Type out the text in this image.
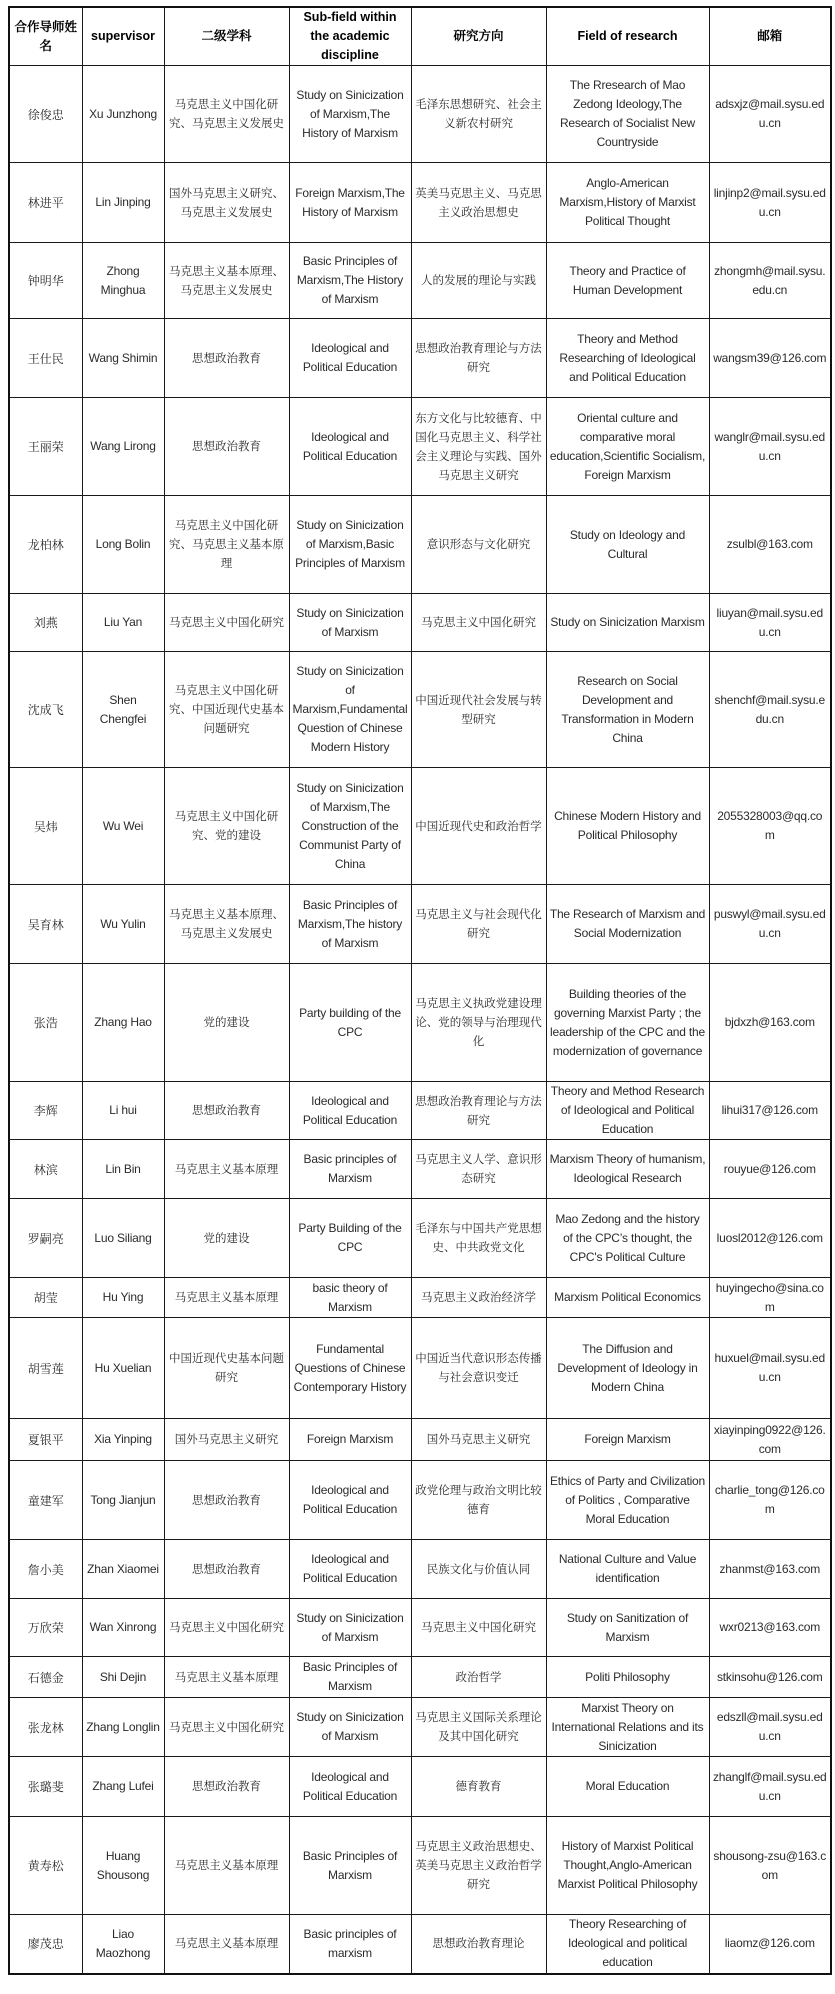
合作导师姓名	supervisor	二级学科	Sub-field within the academic discipline	研究方向	Field of research	邮箱
徐俊忠	Xu Junzhong	马克思主义中国化研究、马克思主义发展史	Study on Sinicization of Marxism,The History of Marxism	毛泽东思想研究、社会主义新农村研究	The Rresearch of Mao Zedong Ideology,The Research of Socialist New Countryside	adsxjz@mail.sysu.edu.cn
林进平	Lin Jinping	国外马克思主义研究、马克思主义发展史	Foreign Marxism,The History of Marxism	英美马克思主义、马克思主义政治思想史	Anglo-American Marxism,History of Marxist Political Thought	linjinp2@mail.sysu.edu.cn
钟明华	Zhong Minghua	马克思主义基本原理、马克思主义发展史	Basic Principles of Marxism,The History of Marxism	人的发展的理论与实践	Theory and Practice of Human Development	zhongmh@mail.sysu.edu.cn
王仕民	Wang Shimin	思想政治教育	Ideological and Political Education	思想政治教育理论与方法研究	Theory and Method Researching of Ideological and Political Education	wangsm39@126.com
王丽荣	Wang Lirong	思想政治教育	Ideological and Political Education	东方文化与比较德育、中国化马克思主义、科学社会主义理论与实践、国外马克思主义研究	Oriental culture and comparative moral education,Scientific Socialism, Foreign Marxism	wanglr@mail.sysu.edu.cn
龙柏林	Long Bolin	马克思主义中国化研究、马克思主义基本原理	Study on Sinicization of Marxism,Basic Principles of Marxism	意识形态与文化研究	Study on Ideology and Cultural	zsulbl@163.com
刘燕	Liu Yan	马克思主义中国化研究	Study on Sinicization of Marxism	马克思主义中国化研究	Study on Sinicization Marxism	liuyan@mail.sysu.edu.cn
沈成飞	Shen Chengfei	马克思主义中国化研究、中国近现代史基本问题研究	Study on Sinicization of Marxism,Fundamental Question of Chinese Modern History	中国近现代社会发展与转型研究	Research on Social Development and Transformation in Modern China	shenchf@mail.sysu.edu.cn
吴炜	Wu Wei	马克思主义中国化研究、党的建设	Study on Sinicization of Marxism,The Construction of the Communist Party of China	中国近现代史和政治哲学	Chinese Modern History and Political Philosophy	2055328003@qq.com
吴育林	Wu Yulin	马克思主义基本原理、马克思主义发展史	Basic Principles of Marxism,The history of Marxism	马克思主义与社会现代化研究	The Research of Marxism and Social Modernization	puswyl@mail.sysu.edu.cn
张浩	Zhang Hao	党的建设	Party building of the CPC	马克思主义执政党建设理论、党的领导与治理现代化	Building theories of the governing Marxist Party ; the leadership of the CPC and the modernization of governance	bjdxzh@163.com
李辉	Li hui	思想政治教育	Ideological and Political Education	思想政治教育理论与方法研究	Theory and Method Research of Ideological and Political Education	lihui317@126.com
林滨	Lin Bin	马克思主义基本原理	Basic principles of Marxism	马克思主义人学、意识形态研究	Marxism Theory of humanism, Ideological Research	rouyue@126.com
罗嗣亮	Luo Siliang	党的建设	Party Building of the CPC	毛泽东与中国共产党思想史、中共政党文化	Mao Zedong and the history of the CPC’s thought, the CPC's Political Culture	luosl2012@126.com
胡莹	Hu Ying	马克思主义基本原理	basic theory of Marxism	马克思主义政治经济学	Marxism Political Economics	huyingecho@sina.com
胡雪莲	Hu Xuelian	中国近现代史基本问题研究	Fundamental Questions of Chinese Contemporary History	中国近当代意识形态传播与社会意识变迁	The Diffusion and Development of Ideology in Modern China	huxuel@mail.sysu.edu.cn
夏银平	Xia Yinping	国外马克思主义研究	Foreign Marxism	国外马克思主义研究	Foreign Marxism	xiayinping0922@126.com
童建军	Tong Jianjun	思想政治教育	Ideological and Political Education	政党伦理与政治文明比较德育	Ethics of Party and Civilization of Politics , Comparative Moral Education	charlie_tong@126.com
詹小美	Zhan Xiaomei	思想政治教育	Ideological and Political Education	民族文化与价值认同	National Culture and Value identification	zhanmst@163.com
万欣荣	Wan Xinrong	马克思主义中国化研究	Study on Sinicization of Marxism	马克思主义中国化研究	Study on Sanitization of Marxism	wxr0213@163.com
石德金	Shi Dejin	马克思主义基本原理	Basic Principles of Marxism	政治哲学	Politi Philosophy	stkinsohu@126.com
张龙林	Zhang Longlin	马克思主义中国化研究	Study on Sinicization of Marxism	马克思主义国际关系理论及其中国化研究	Marxist Theory on International Relations and its Sinicization	edszll@mail.sysu.edu.cn
张璐斐	Zhang Lufei	思想政治教育	Ideological and Political Education	德育教育	Moral Education	zhanglf@mail.sysu.edu.cn
黄寿松	Huang Shousong	马克思主义基本原理	Basic Principles of Marxism	马克思主义政治思想史、英美马克思主义政治哲学研究	History of Marxist Political Thought,Anglo-American Marxist Political Philosophy	shousong-zsu@163.com
廖茂忠	Liao Maozhong	马克思主义基本原理	Basic principles of marxism	思想政治教育理论	Theory Researching of Ideological and political education	liaomz@126.com
